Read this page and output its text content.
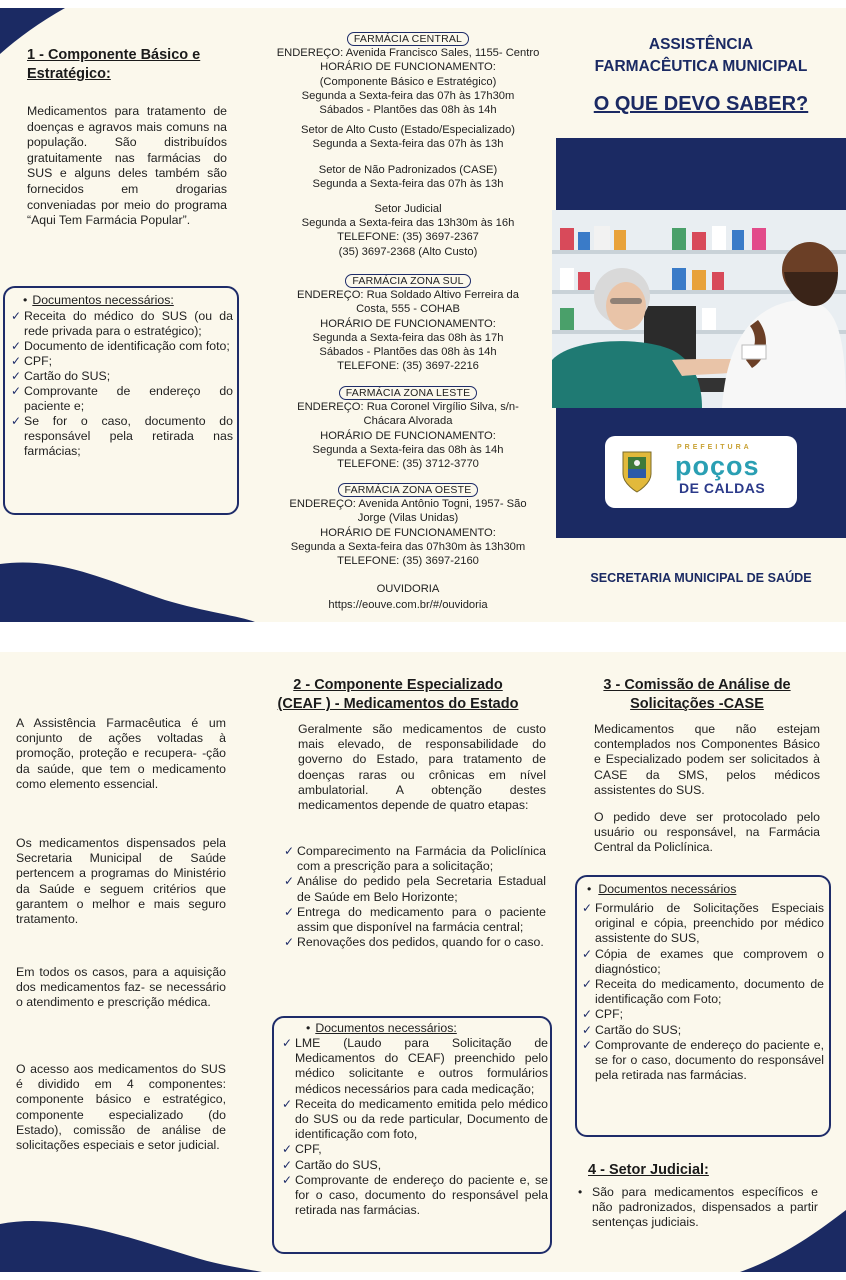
1 - Componente Básico e Estratégico:
Medicamentos para tratamento de doenças e agravos mais comuns na população. São distribuídos gratuitamente nas farmácias do SUS e alguns deles também são fornecidos em drogarias conveniadas por meio do programa “Aqui Tem Farmácia Popular”.
• Documentos necessários:
✓ Receita do médico do SUS (ou da rede privada para o estratégico);
✓ Documento de identificação com foto;
✓ CPF;
✓ Cartão do SUS;
✓ Comprovante de endereço do paciente e;
✓ Se for o caso, documento do responsável pela retirada nas farmácias;
FARMÁCIA CENTRAL
ENDEREÇO: Avenida Francisco Sales, 1155- Centro
HORÁRIO DE FUNCIONAMENTO:
(Componente Básico e Estratégico)
Segunda a Sexta-feira das 07h às 17h30m
Sábados - Plantões das 08h às 14h
Setor de Alto Custo (Estado/Especializado)
Segunda a Sexta-feira das 07h às 13h
Setor de Não Padronizados (CASE)
Segunda a Sexta-feira das 07h às 13h
Setor Judicial
Segunda a Sexta-feira das 13h30m às 16h
TELEFONE: (35) 3697-2367
(35) 3697-2368 (Alto Custo)
FARMÁCIA ZONA SUL
ENDEREÇO: Rua Soldado Altivo Ferreira da
Costa, 555 - COHAB
HORÁRIO DE FUNCIONAMENTO:
Segunda a Sexta-feira das 08h às 17h
Sábados - Plantões das 08h às 14h
TELEFONE: (35) 3697-2216
FARMÁCIA ZONA LESTE
ENDEREÇO: Rua Coronel Virgílio Silva, s/n-
Chácara Alvorada
HORÁRIO DE FUNCIONAMENTO:
Segunda a Sexta-feira das 08h às 14h
TELEFONE: (35) 3712-3770
FARMÁCIA ZONA OESTE
ENDEREÇO: Avenida Antônio Togni, 1957- São
Jorge (Vilas Unidas)
HORÁRIO DE FUNCIONAMENTO:
Segunda a Sexta-feira das 07h30m às 13h30m
TELEFONE: (35) 3697-2160
OUVIDORIA
https://eouve.com.br/#/ouvidoria
ASSISTÊNCIA
FARMACÊUTICA MUNICIPAL
O QUE DEVO SABER?
PREFEITURA
poços
DE CALDAS
SECRETARIA MUNICIPAL DE SAÚDE
A Assistência Farmacêutica é um conjunto de ações voltadas à promoção, proteção e recupera- -ção da saúde, que tem o medicamento como elemento essencial.
Os medicamentos dispensados pela Secretaria Municipal de Saúde pertencem a programas do Ministério da Saúde e seguem critérios que garantem o melhor e mais seguro tratamento.
Em todos os casos, para a aquisição dos medicamentos faz- se necessário o atendimento e prescrição médica.
O acesso aos medicamentos do SUS é dividido em 4 componentes: componente básico e estratégico, componente especializado (do Estado), comissão de análise de solicitações especiais e setor judicial.
2 - Componente Especializado
(CEAF ) - Medicamentos do Estado
Geralmente são medicamentos de custo mais elevado, de responsabilidade do governo do Estado, para tratamento de doenças raras ou crônicas em nível ambulatorial. A obtenção destes medicamentos depende de quatro etapas:
✓ Comparecimento na Farmácia da Policlínica com a prescrição para a solicitação;
✓ Análise do pedido pela Secretaria Estadual de Saúde em Belo Horizonte;
✓ Entrega do medicamento para o paciente assim que disponível na farmácia central;
✓ Renovações dos pedidos, quando for o caso.
• Documentos necessários:
✓ LME (Laudo para Solicitação de Medicamentos do CEAF) preenchido pelo médico solicitante e outros formulários médicos necessários para cada medicação;
✓ Receita do medicamento emitida pelo médico do SUS ou da rede particular, Documento de identificação com foto,
✓ CPF,
✓ Cartão do SUS,
✓ Comprovante de endereço do paciente e, se for o caso, documento do responsável pela retirada nas farmácias.
3 - Comissão de Análise de
Solicitações -CASE
Medicamentos que não estejam contemplados nos Componentes Básico e Especializado podem ser solicitados à CASE da SMS, pelos médicos assistentes do SUS.
O pedido deve ser protocolado pelo usuário ou responsável, na Farmácia Central da Policlínica.
• Documentos necessários
✓ Formulário de Solicitações Especiais original e cópia, preenchido por médico assistente do SUS,
✓ Cópia de exames que comprovem o diagnóstico;
✓ Receita do medicamento, documento de identificação com Foto;
✓ CPF;
✓ Cartão do SUS;
✓ Comprovante de endereço do paciente e, se for o caso, documento do responsável pela retirada nas farmácias.
4 - Setor Judicial:
• São para medicamentos específicos e não padronizados, dispensados a partir sentenças judiciais.
